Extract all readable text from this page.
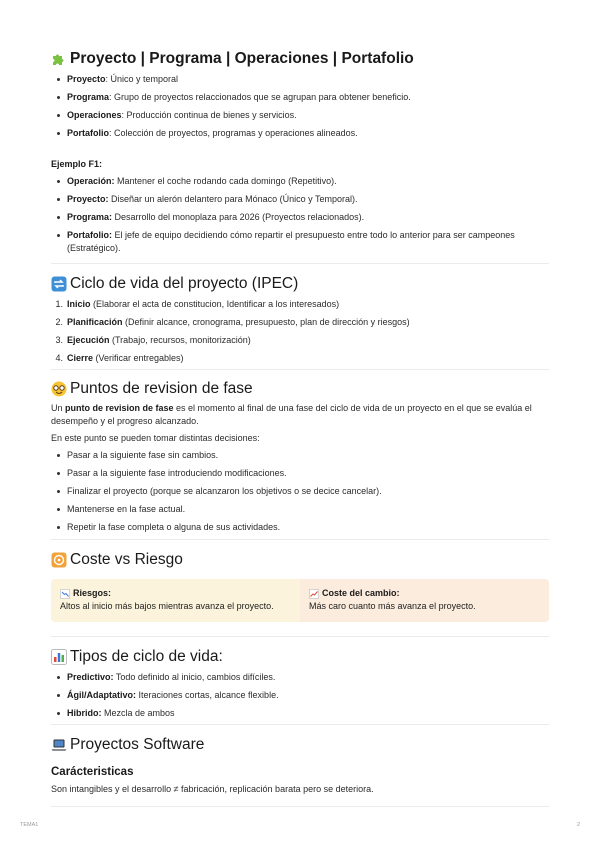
Proyecto | Programa | Operaciones | Portafolio
Proyecto: Único y temporal
Programa: Grupo de proyectos relaccionados que se agrupan para obtener beneficio.
Operaciones: Producción continua de bienes y servicios.
Portafolio: Colección de proyectos, programas y operaciones alineados.

Ejemplo F1:

Operación: Mantener el coche rodando cada domingo (Repetitivo).
Proyecto: Diseñar un alerón delantero para Mónaco (Único y Temporal).
Programa: Desarrollo del monoplaza para 2026 (Proyectos relacionados).
Portafolio: El jefe de equipo decidiendo cómo repartir el presupuesto entre todo lo anterior para ser campeones (Estratégico).
Ciclo de vida del proyecto (IPEC)
1. Inicio (Elaborar el acta de constitucion, Identificar a los interesados)
2. Planificación (Definir alcance, cronograma, presupuesto, plan de dirección y riesgos)
3. Ejecución (Trabajo, recursos, monitorización)
4. Cierre (Verificar entregables)
Puntos de revision de fase

Un punto de revision de fase es el momento al final de una fase del ciclo de vida de un proyecto en el que se evalúa el desempeño y el progreso alcanzado.

En este punto se pueden tomar distintas decisiones:

Pasar a la siguiente fase sin cambios.
Pasar a la siguiente fase introduciendo modificaciones.
Finalizar el proyecto (porque se alcanzaron los objetivos o se decice cancelar).
Mantenerse en la fase actual.
Repetir la fase completa o alguna de sus actividades.
Coste vs Riesgo
Riesgos:
Altos al inicio más bajos mientras avanza el proyecto.
Coste del cambio:
Más caro cuanto más avanza el proyecto.
Tipos de ciclo de vida:
Predictivo: Todo definido al inicio, cambios difíciles.
Ágil/Adaptativo: Iteraciones cortas, alcance flexible.
Hibrido: Mezcla de ambos
Proyectos Software
Carácteristicas

Son intangibles y el desarrollo ≠ fabricación, replicación barata pero se deteriora.

TEMA1	2
